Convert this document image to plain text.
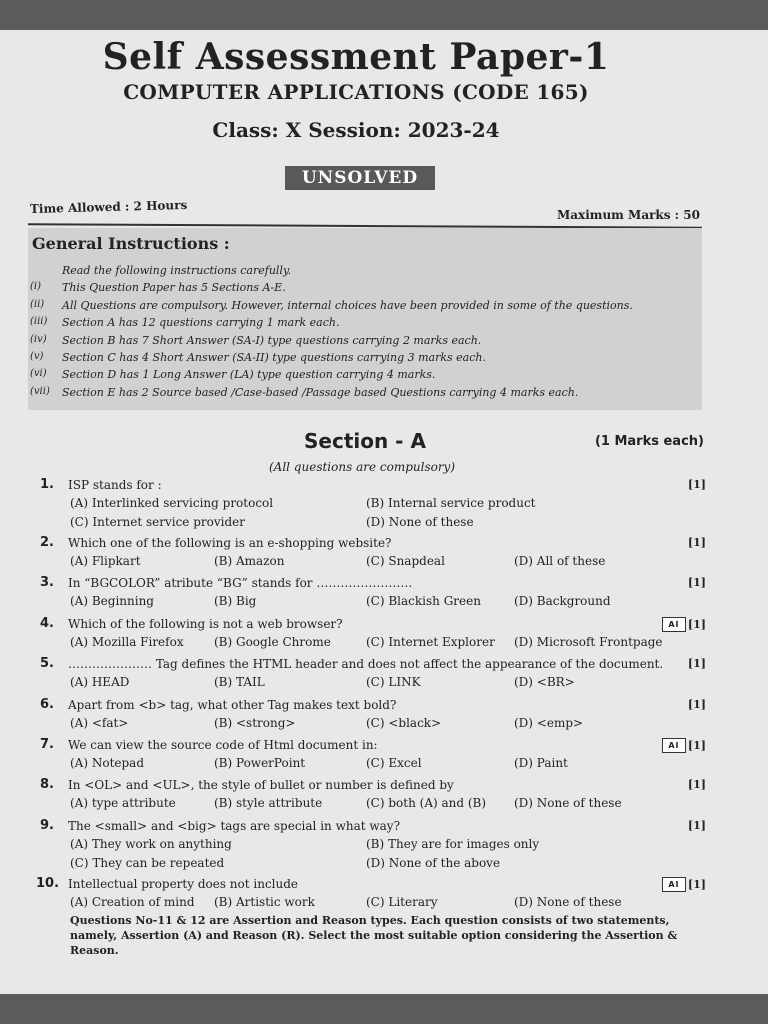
Self Assessment Paper-1
COMPUTER APPLICATIONS (CODE 165)
Class: X Session: 2023-24
UNSOLVED
Time Allowed : 2 Hours	Maximum Marks : 50
General Instructions :
Read the following instructions carefully.
(i)	This Question Paper has 5 Sections A-E.
(ii)	All Questions are compulsory. However, internal choices have been provided in some of the questions.
(iii)	Section A has 12 questions carrying 1 mark each.
(iv)	Section B has 7 Short Answer (SA-I) type questions carrying 2 marks each.
(v)	Section C has 4 Short Answer (SA-II) type questions carrying 3 marks each.
(vi)	Section D has 1 Long Answer (LA) type question carrying 4 marks.
(vii)	Section E has 2 Source based /Case-based /Passage based Questions carrying 4 marks each.
Section - A	(1 Marks each)
(All questions are compulsory)
1. ISP stands for :	[1]
(A) Interlinked servicing protocol	(B) Internal service product
(C) Internet service provider	(D) None of these
2. Which one of the following is an e-shopping website?	[1]
(A) Flipkart	(B) Amazon	(C) Snapdeal	(D) All of these
3. In “BGCOLOR” atribute “BG” stands for ……………………	[1]
(A) Beginning	(B) Big	(C) Blackish Green	(D) Background
4. Which of the following is not a web browser?	AI [1]
(A) Mozilla Firefox	(B) Google Chrome	(C) Internet Explorer (D) Microsoft Frontpage
5. ………………… Tag defines the HTML header and does not affect the appearance of the document. [1]
(A) HEAD	(B) TAIL	(C) LINK	(D) <BR>
6. Apart from <b> tag, what other Tag makes text bold?	[1]
(A) <fat>	(B) <strong>	(C) <black>	(D) <emp>
7. We can view the source code of Html document in:	AI [1]
(A) Notepad	(B) PowerPoint	(C) Excel	(D) Paint
8. In <OL> and <UL>, the style of bullet or number is defined by	[1]
(A) type attribute	(B) style attribute	(C) both (A) and (B) (D) None of these
9. The <small> and <big> tags are special in what way?	[1]
(A) They work on anything	(B) They are for images only
(C) They can be repeated	(D) None of the above
10. Intellectual property does not include	AI [1]
(A) Creation of mind (B) Artistic work	(C) Literary	(D) None of these
Questions No-11 & 12 are Assertion and Reason types. Each question consists of two statements, namely, Assertion (A) and Reason (R). Select the most suitable option considering the Assertion & Reason.
